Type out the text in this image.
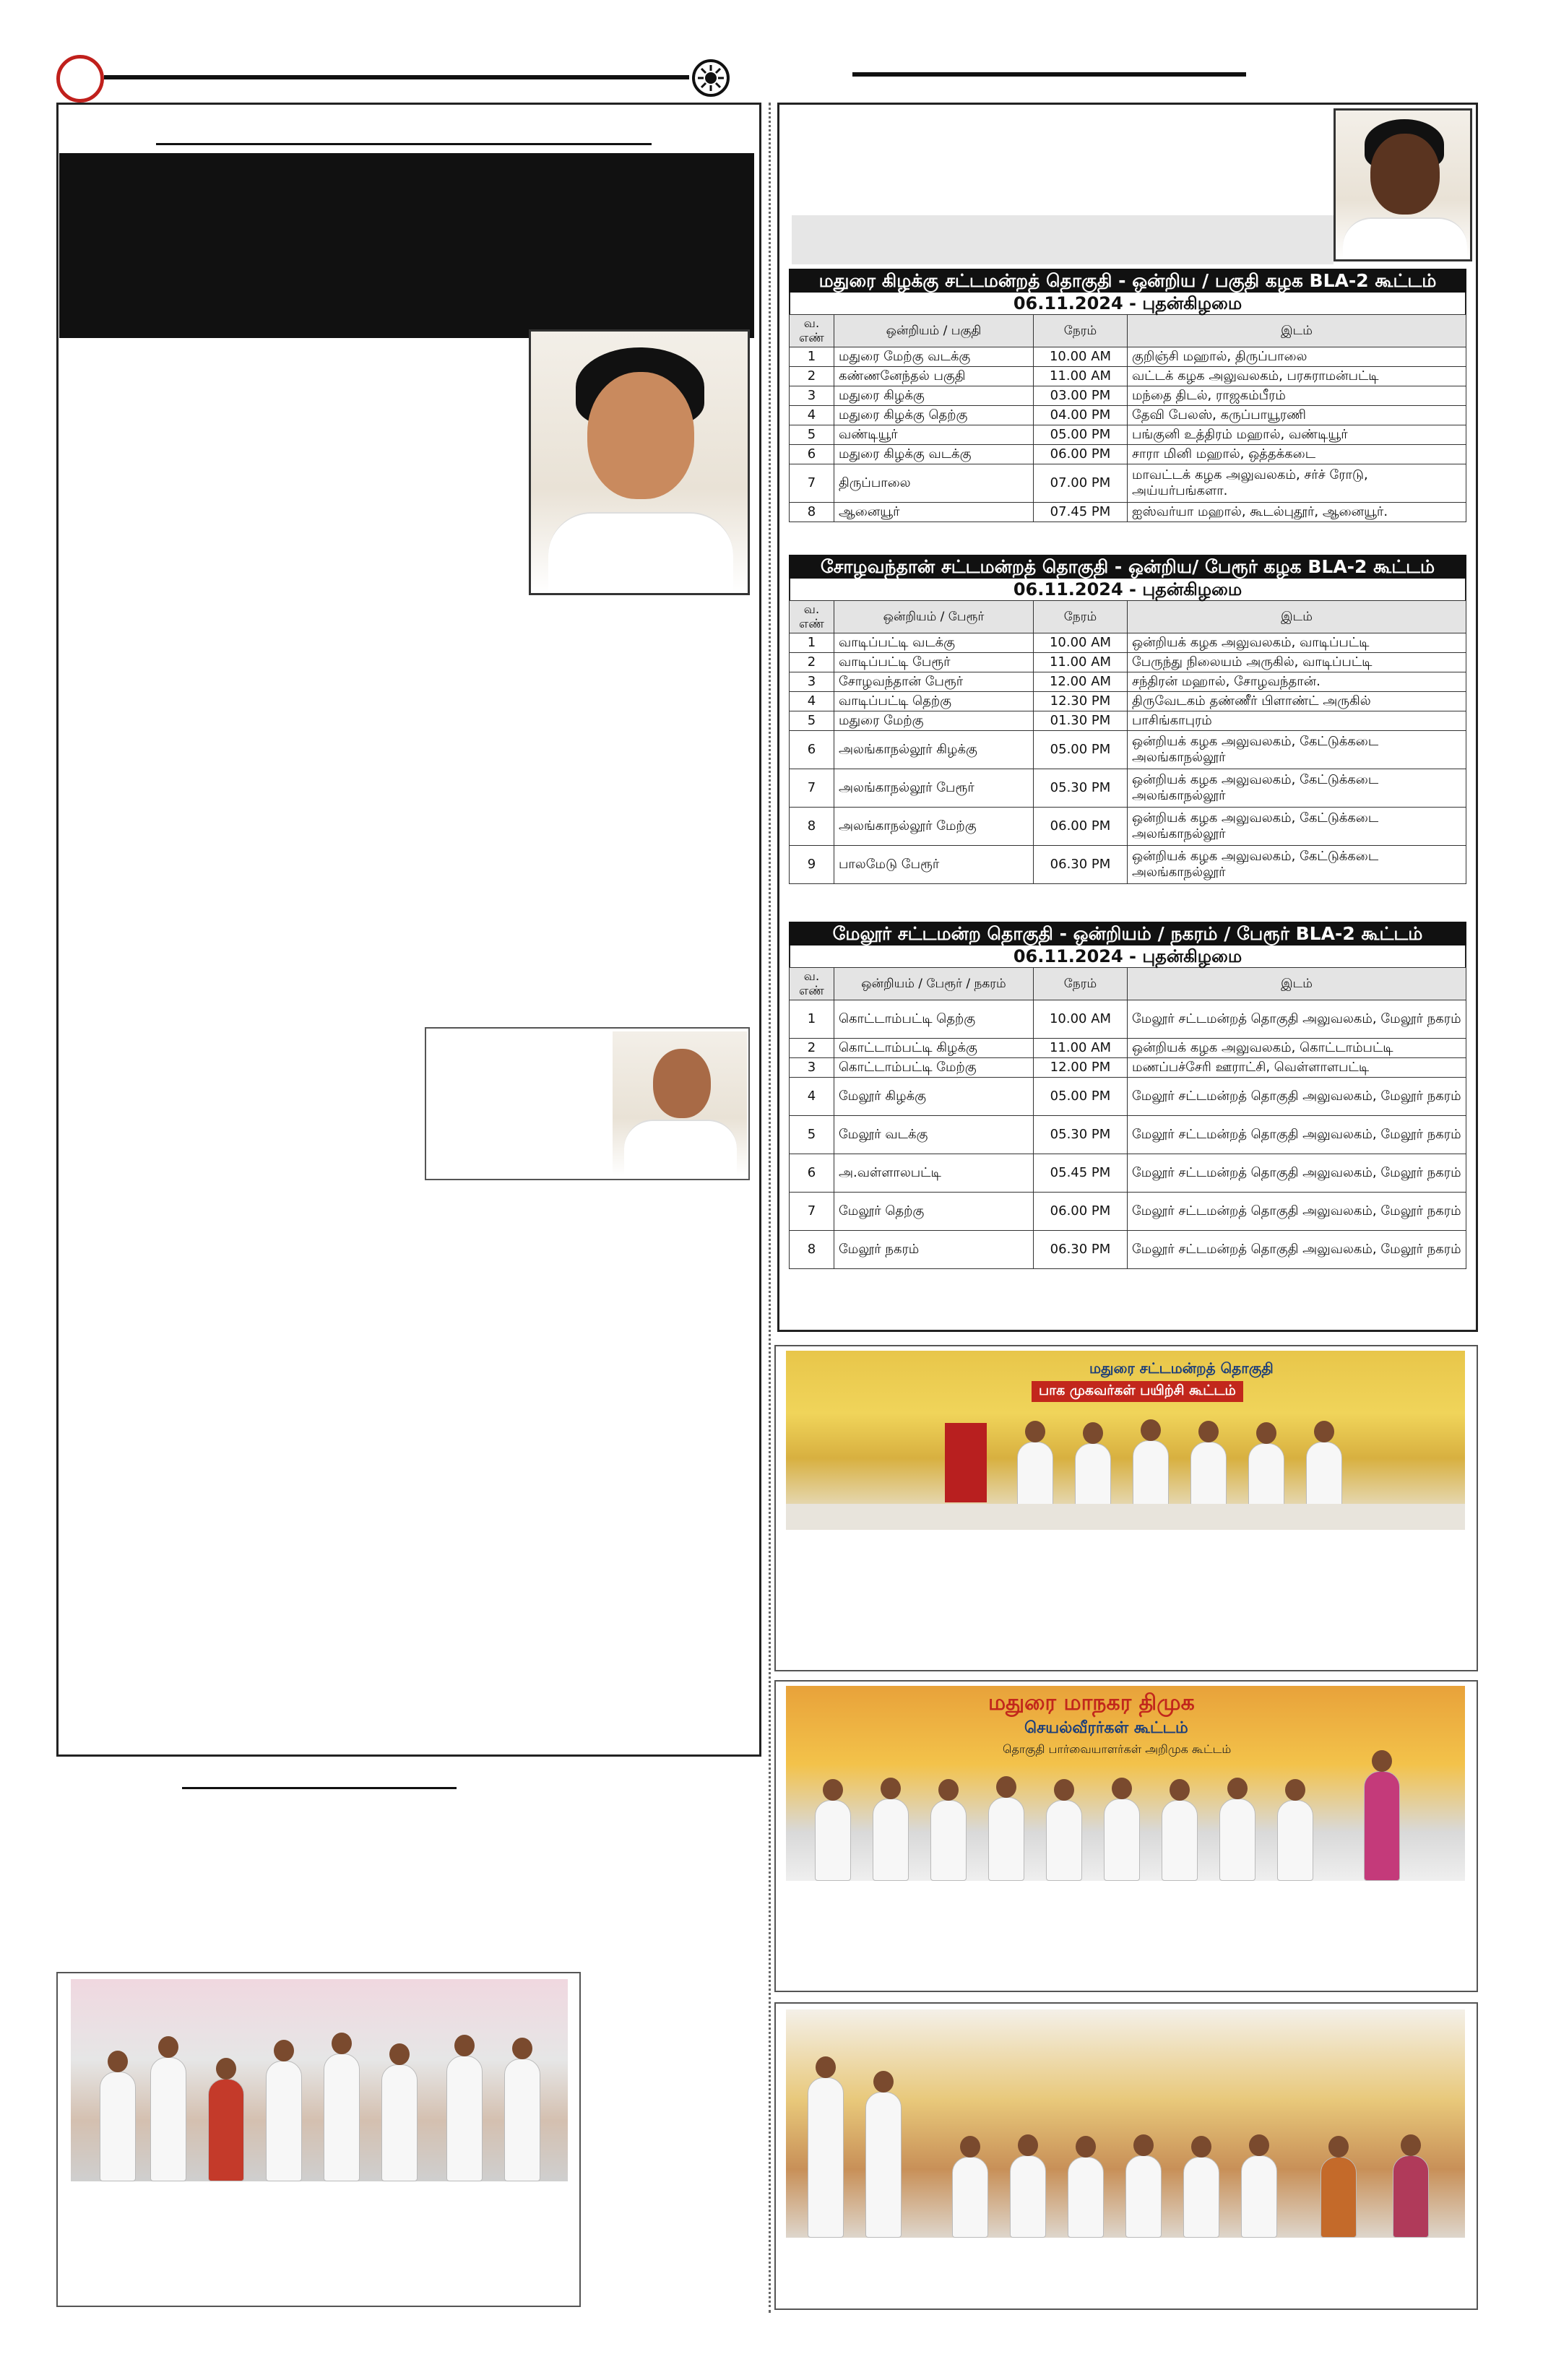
மதுரை கிழக்கு சட்டமன்றத் தொகுதி - ஒன்றிய / பகுதி கழக BLA-2 கூட்டம்
06.11.2024 - புதன்கிழமை
வ. எண்	ஒன்றியம் / பகுதி	நேரம்	இடம்
1	மதுரை மேற்கு வடக்கு	10.00 AM	குறிஞ்சி மஹால், திருப்பாலை
2	கண்ணனேந்தல் பகுதி	11.00 AM	வட்டக் கழக அலுவலகம், பரசுராமன்பட்டி
3	மதுரை கிழக்கு	03.00 PM	மந்தை திடல், ராஜகம்பீரம்
4	மதுரை கிழக்கு தெற்கு	04.00 PM	தேவி பேலஸ், கருப்பாயூரணி
5	வண்டியூர்	05.00 PM	பங்குனி உத்திரம் மஹால், வண்டியூர்
6	மதுரை கிழக்கு வடக்கு	06.00 PM	சாரா மினி மஹால், ஒத்தக்கடை
7	திருப்பாலை	07.00 PM	மாவட்டக் கழக அலுவலகம், சர்ச் ரோடு, அய்யர்பங்களா.
8	ஆனையூர்	07.45 PM	ஐஸ்வர்யா மஹால், கூடல்புதூர், ஆனையூர்.
சோழவந்தான் சட்டமன்றத் தொகுதி - ஒன்றிய/ பேரூர் கழக BLA-2 கூட்டம்
06.11.2024 - புதன்கிழமை
வ. எண்	ஒன்றியம் / பேரூர்	நேரம்	இடம்
1	வாடிப்பட்டி வடக்கு	10.00 AM	ஒன்றியக் கழக அலுவலகம், வாடிப்பட்டி
2	வாடிப்பட்டி பேரூர்	11.00 AM	பேருந்து நிலையம் அருகில், வாடிப்பட்டி
3	சோழவந்தான் பேரூர்	12.00 AM	சந்திரன் மஹால், சோழவந்தான்.
4	வாடிப்பட்டி தெற்கு	12.30 PM	திருவேடகம் தண்ணீர் பிளாண்ட் அருகில்
5	மதுரை மேற்கு	01.30 PM	பாசிங்காபுரம்
6	அலங்காநல்லூர் கிழக்கு	05.00 PM	ஒன்றியக் கழக அலுவலகம், கேட்டுக்கடை அலங்காநல்லூர்
7	அலங்காநல்லூர் பேரூர்	05.30 PM	ஒன்றியக் கழக அலுவலகம், கேட்டுக்கடை அலங்காநல்லூர்
8	அலங்காநல்லூர் மேற்கு	06.00 PM	ஒன்றியக் கழக அலுவலகம், கேட்டுக்கடை அலங்காநல்லூர்
9	பாலமேடு பேரூர்	06.30 PM	ஒன்றியக் கழக அலுவலகம், கேட்டுக்கடை அலங்காநல்லூர்
மேலூர் சட்டமன்ற தொகுதி - ஒன்றியம் / நகரம் / பேரூர் BLA-2 கூட்டம்
06.11.2024 - புதன்கிழமை
வ. எண்	ஒன்றியம் / பேரூர் / நகரம்	நேரம்	இடம்
1	கொட்டாம்பட்டி தெற்கு	10.00 AM	மேலூர் சட்டமன்றத் தொகுதி அலுவலகம், மேலூர் நகரம்
2	கொட்டாம்பட்டி கிழக்கு	11.00 AM	ஒன்றியக் கழக அலுவலகம், கொட்டாம்பட்டி
3	கொட்டாம்பட்டி மேற்கு	12.00 PM	மணப்பச்சேரி ஊராட்சி, வெள்ளாளபட்டி
4	மேலூர் கிழக்கு	05.00 PM	மேலூர் சட்டமன்றத் தொகுதி அலுவலகம், மேலூர் நகரம்
5	மேலூர் வடக்கு	05.30 PM	மேலூர் சட்டமன்றத் தொகுதி அலுவலகம், மேலூர் நகரம்
6	அ.வள்ளாலபட்டி	05.45 PM	மேலூர் சட்டமன்றத் தொகுதி அலுவலகம், மேலூர் நகரம்
7	மேலூர் தெற்கு	06.00 PM	மேலூர் சட்டமன்றத் தொகுதி அலுவலகம், மேலூர் நகரம்
8	மேலூர் நகரம்	06.30 PM	மேலூர் சட்டமன்றத் தொகுதி அலுவலகம், மேலூர் நகரம்
மதுரை சட்டமன்றத் தொகுதி
பாக முகவர்கள் பயிற்சி கூட்டம்
மதுரை மாநகர திமுக
செயல்வீரர்கள் கூட்டம்
தொகுதி பார்வையாளர்கள் அறிமுக கூட்டம்
